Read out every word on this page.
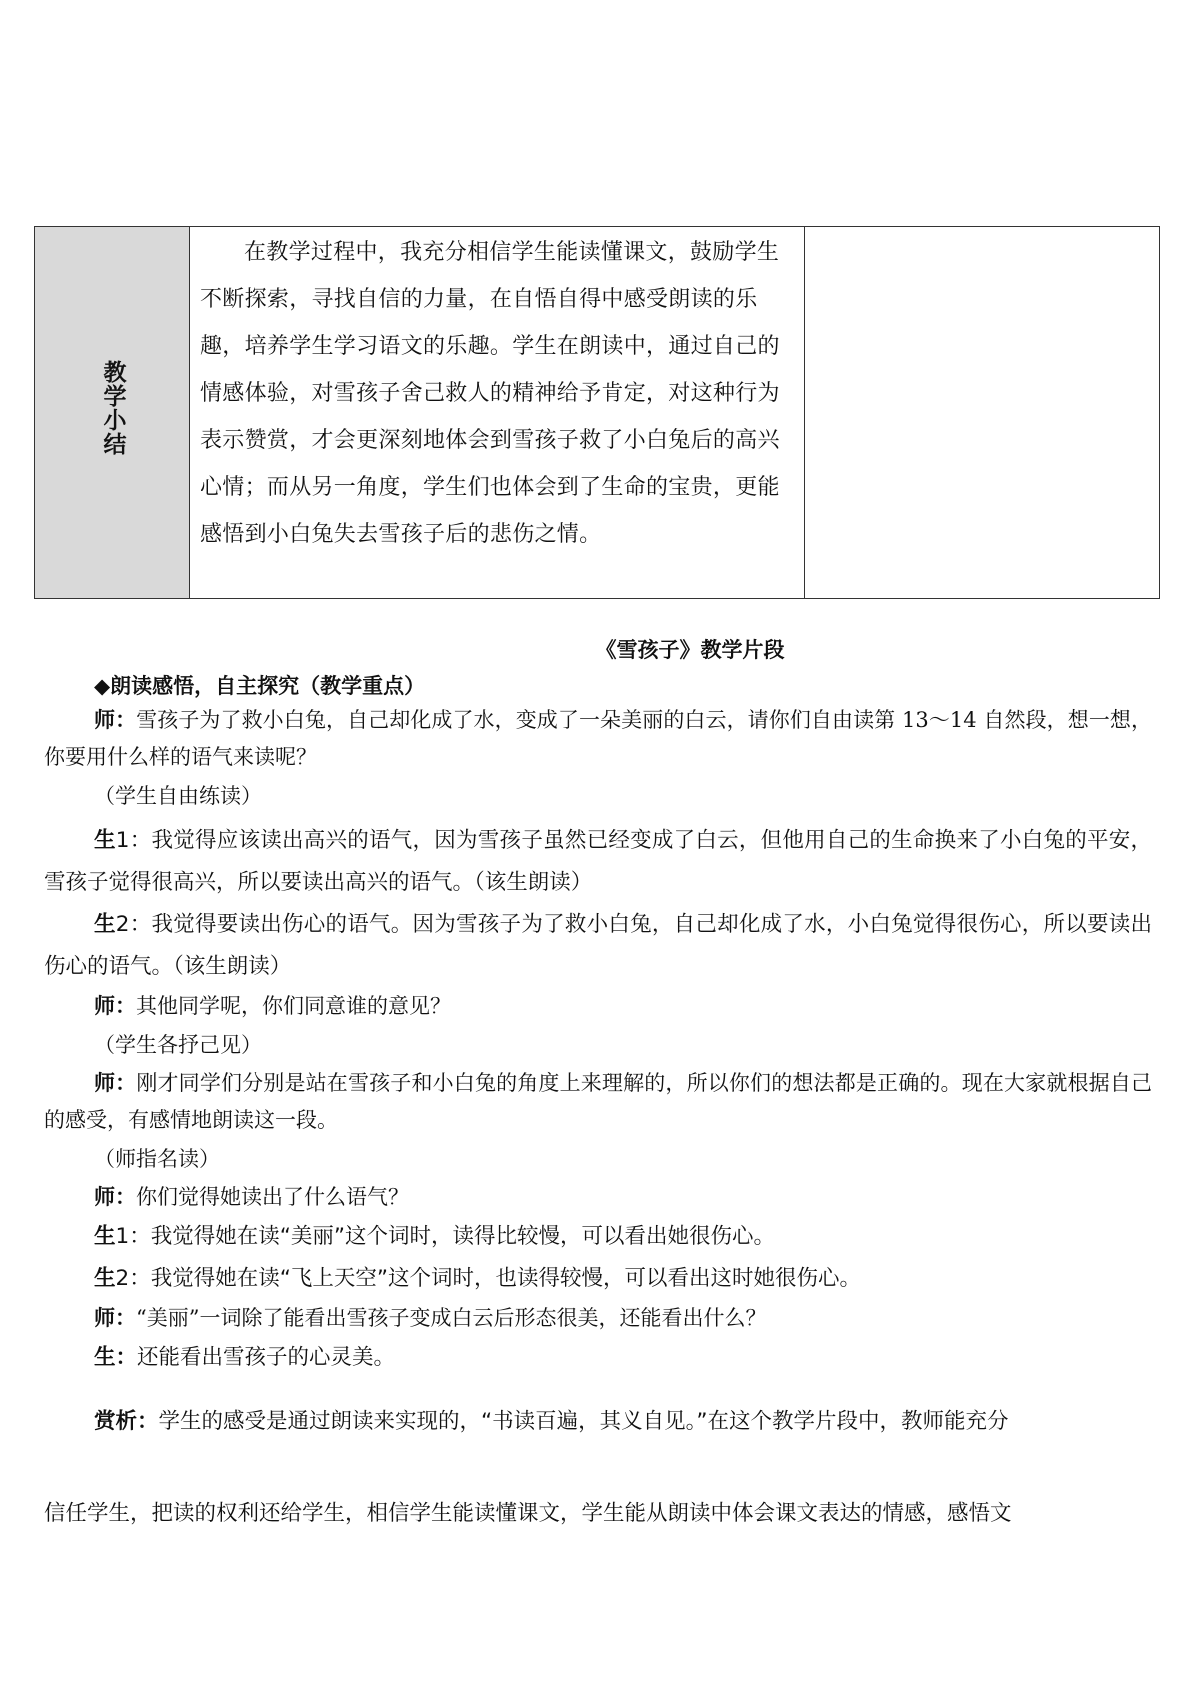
教学小结
在教学过程中，我充分相信学生能读懂课文，鼓励学生不断探索，寻找自信的力量，在自悟自得中感受朗读的乐趣，培养学生学习语文的乐趣。学生在朗读中，通过自己的情感体验，对雪孩子舍己救人的精神给予肯定，对这种行为表示赞赏，才会更深刻地体会到雪孩子救了小白兔后的高兴心情；而从另一角度，学生们也体会到了生命的宝贵，更能感悟到小白兔失去雪孩子后的悲伤之情。
《雪孩子》教学片段
◆朗读感悟，自主探究（教学重点）

师：雪孩子为了救小白兔，自己却化成了水，变成了一朵美丽的白云，请你们自由读第 13～14 自然段，想一想，你要用什么样的语气来读呢？

（学生自由练读）

生1：我觉得应该读出高兴的语气，因为雪孩子虽然已经变成了白云，但他用自己的生命换来了小白兔的平安，雪孩子觉得很高兴，所以要读出高兴的语气。（该生朗读）

生2：我觉得要读出伤心的语气。因为雪孩子为了救小白兔，自己却化成了水，小白兔觉得很伤心，所以要读出伤心的语气。（该生朗读）

师：其他同学呢，你们同意谁的意见？

（学生各抒己见）

师：刚才同学们分别是站在雪孩子和小白兔的角度上来理解的，所以你们的想法都是正确的。现在大家就根据自己的感受，有感情地朗读这一段。

（师指名读）

师：你们觉得她读出了什么语气？

生1：我觉得她在读“美丽”这个词时，读得比较慢，可以看出她很伤心。

生2：我觉得她在读“飞上天空”这个词时，也读得较慢，可以看出这时她很伤心。

师：“美丽”一词除了能看出雪孩子变成白云后形态很美，还能看出什么？

生：还能看出雪孩子的心灵美。

赏析：学生的感受是通过朗读来实现的，“书读百遍，其义自见。”在这个教学片段中，教师能充分

信任学生，把读的权利还给学生，相信学生能读懂课文，学生能从朗读中体会课文表达的情感，感悟文
